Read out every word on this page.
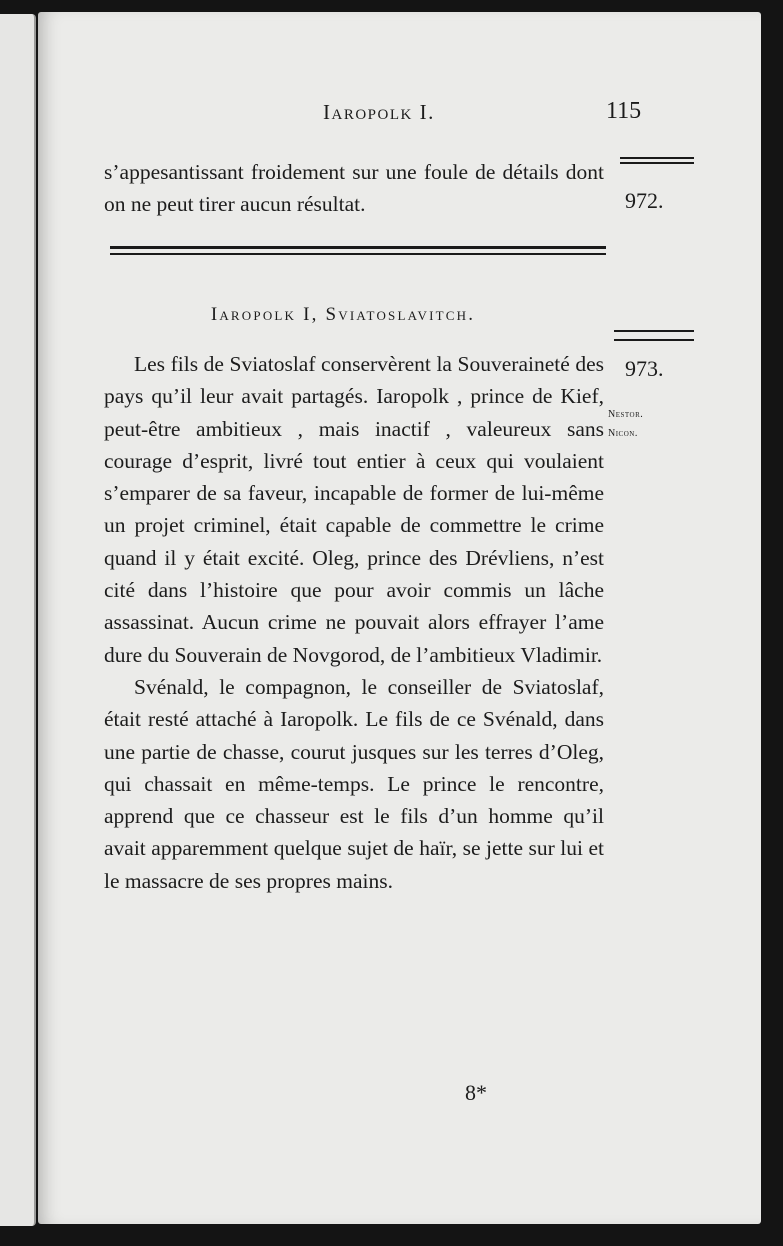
Iaropolk I.	115

s’appesantissant froidement sur une foule de détails dont on ne peut tirer aucun résultat.	972.
Iaropolk I, Sviatoslavitch.
973.
Nestor.
Nicon.

Les fils de Sviatoslaf conservèrent la Souveraineté des pays qu’il leur avait partagés. Iaropolk , prince de Kief, peut-être ambitieux , mais inactif , valeureux sans courage d’esprit, livré tout entier à ceux qui voulaient s’emparer de sa faveur, incapable de former de lui-même un projet criminel, était capable de commettre le crime quand il y était excité. Oleg, prince des Drévliens, n’est cité dans l’histoire que pour avoir commis un lâche assassinat. Aucun crime ne pouvait alors effrayer l’ame dure du Souverain de Novgorod, de l’ambitieux Vladimir.

Svénald, le compagnon, le conseiller de Sviatoslaf, était resté attaché à Iaropolk. Le fils de ce Svénald, dans une partie de chasse, courut jusques sur les terres d’Oleg, qui chassait en même-temps. Le prince le rencontre, apprend que ce chasseur est le fils d’un homme qu’il avait apparemment quelque sujet de haïr, se jette sur lui et le massacre de ses propres mains.

8*
